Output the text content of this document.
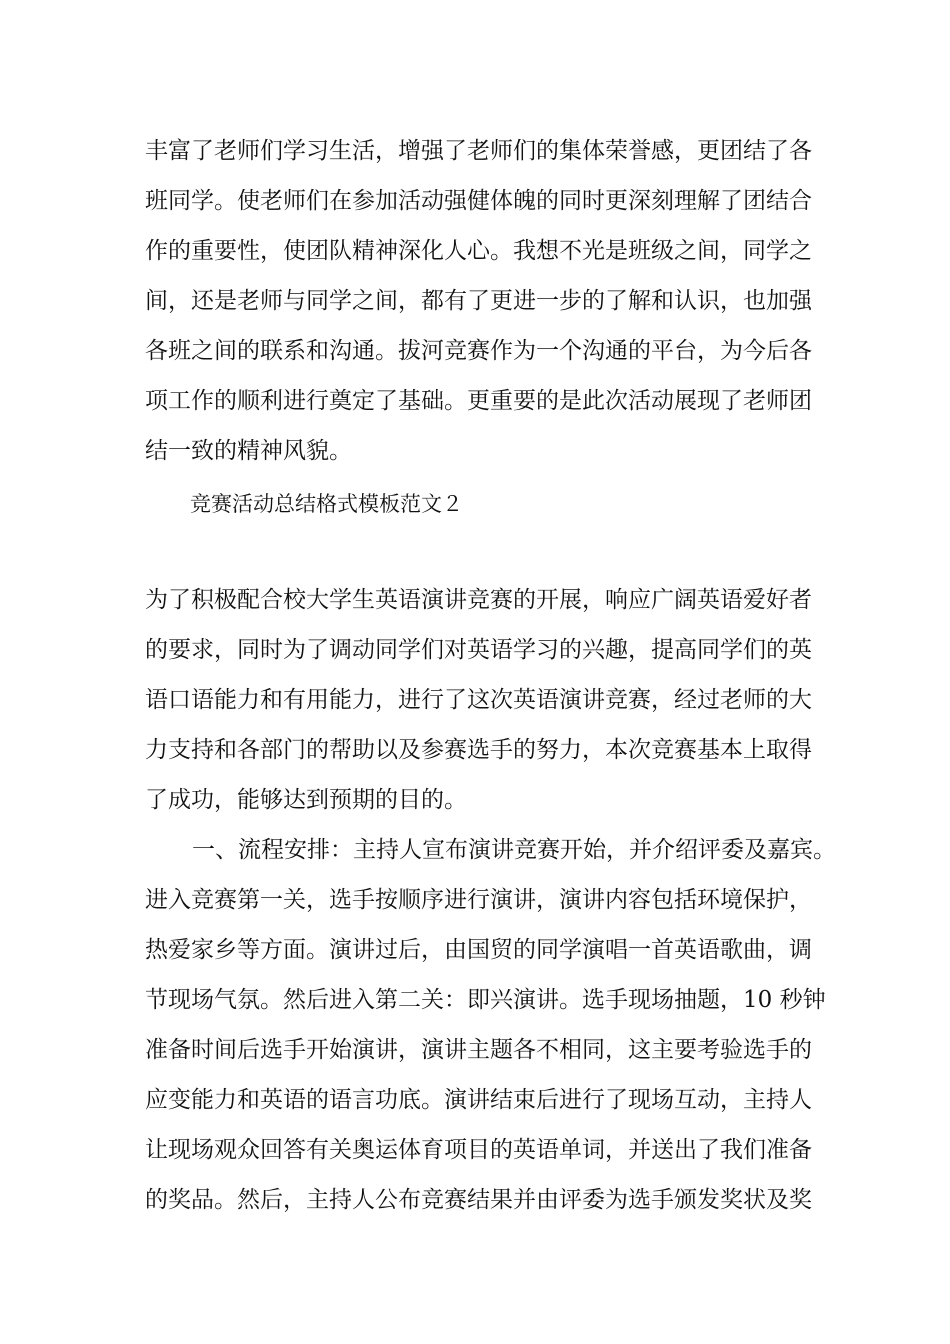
丰富了老师们学习生活，增强了老师们的集体荣誉感，更团结了各
班同学。使老师们在参加活动强健体魄的同时更深刻理解了团结合
作的重要性，使团队精神深化人心。我想不光是班级之间，同学之
间，还是老师与同学之间，都有了更进一步的了解和认识，也加强
各班之间的联系和沟通。拔河竞赛作为一个沟通的平台，为今后各
项工作的顺利进行奠定了基础。更重要的是此次活动展现了老师团
结一致的精神风貌。
竞赛活动总结格式模板范文２
为了积极配合校大学生英语演讲竞赛的开展，响应广阔英语爱好者
的要求，同时为了调动同学们对英语学习的兴趣，提高同学们的英
语口语能力和有用能力，进行了这次英语演讲竞赛，经过老师的大
力支持和各部门的帮助以及参赛选手的努力，本次竞赛基本上取得
了成功，能够达到预期的目的。
一、流程安排：主持人宣布演讲竞赛开始，并介绍评委及嘉宾。
进入竞赛第一关，选手按顺序进行演讲，演讲内容包括环境保护，
热爱家乡等方面。演讲过后，由国贸的同学演唱一首英语歌曲，调
节现场气氛。然后进入第二关：即兴演讲。选手现场抽题，10 秒钟
准备时间后选手开始演讲，演讲主题各不相同，这主要考验选手的
应变能力和英语的语言功底。演讲结束后进行了现场互动，主持人
让现场观众回答有关奥运体育项目的英语单词，并送出了我们准备
的奖品。然后，主持人公布竞赛结果并由评委为选手颁发奖状及奖
